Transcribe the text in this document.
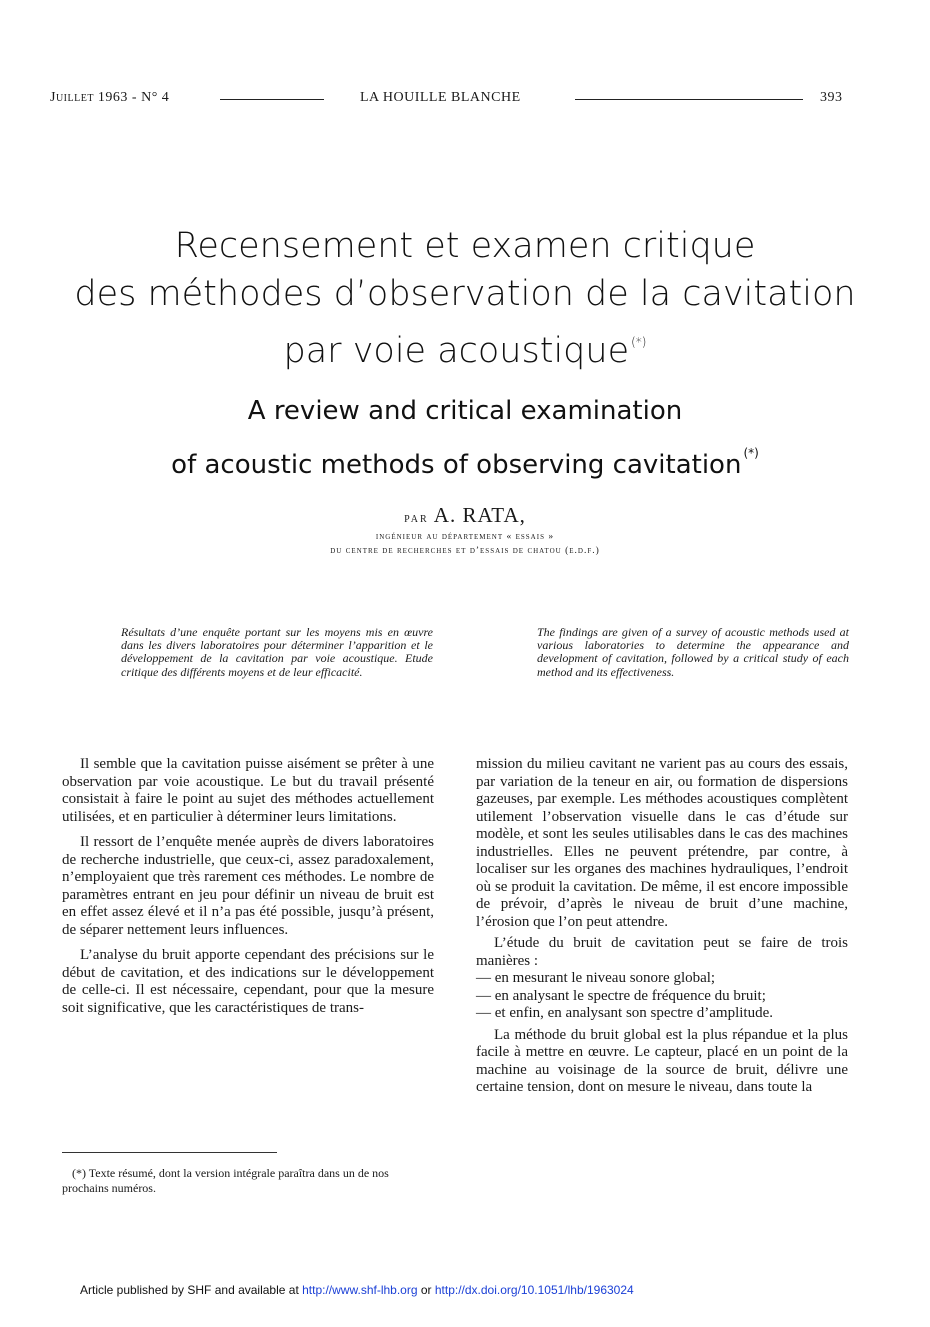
Juillet 1963 - N° 4	LA HOUILLE BLANCHE	393
Recensement et examen critique
des méthodes d’observation de la cavitation
par voie acoustique (*)
A review and critical examination
of acoustic methods of observing cavitation (*)
par A. RATA,
ingénieur au département « essais »
du centre de recherches et d’essais de chatou (e.d.f.)
Résultats d’une enquête portant sur les moyens mis en œuvre dans les divers laboratoires pour déterminer l’apparition et le développement de la cavitation par voie acoustique. Etude critique des différents moyens et de leur efficacité.
The findings are given of a survey of acoustic methods used at various laboratories to determine the appearance and development of cavitation, followed by a critical study of each method and its effectiveness.

Il semble que la cavitation puisse aisément se prêter à une observation par voie acoustique. Le but du travail présenté consistait à faire le point au sujet des méthodes actuellement utilisées, et en particulier à déterminer leurs limitations.

Il ressort de l’enquête menée auprès de divers laboratoires de recherche industrielle, que ceux-ci, assez paradoxalement, n’employaient que très rarement ces méthodes. Le nombre de paramètres entrant en jeu pour définir un niveau de bruit est en effet assez élevé et il n’a pas été possible, jusqu’à présent, de séparer nettement leurs influences.

L’analyse du bruit apporte cependant des précisions sur le début de cavitation, et des indications sur le développement de celle-ci. Il est nécessaire, cependant, pour que la mesure soit significative, que les caractéristiques de trans-

mission du milieu cavitant ne varient pas au cours des essais, par variation de la teneur en air, ou formation de dispersions gazeuses, par exemple. Les méthodes acoustiques complètent utilement l’observation visuelle dans le cas d’étude sur modèle, et sont les seules utilisables dans le cas des machines industrielles. Elles ne peuvent prétendre, par contre, à localiser sur les organes des machines hydrauliques, l’endroit où se produit la cavitation. De même, il est encore impossible de prévoir, d’après le niveau de bruit d’une machine, l’érosion que l’on peut attendre.

L’étude du bruit de cavitation peut se faire de trois manières :

— en mesurant le niveau sonore global;

— en analysant le spectre de fréquence du bruit;

— et enfin, en analysant son spectre d’amplitude.

La méthode du bruit global est la plus répandue et la plus facile à mettre en œuvre. Le capteur, placé en un point de la machine au voisinage de la source de bruit, délivre une certaine tension, dont on mesure le niveau, dans toute la

(*) Texte résumé, dont la version intégrale paraîtra dans un de nos prochains numéros.
Article published by SHF and available at http://www.shf-lhb.org or http://dx.doi.org/10.1051/lhb/1963024
